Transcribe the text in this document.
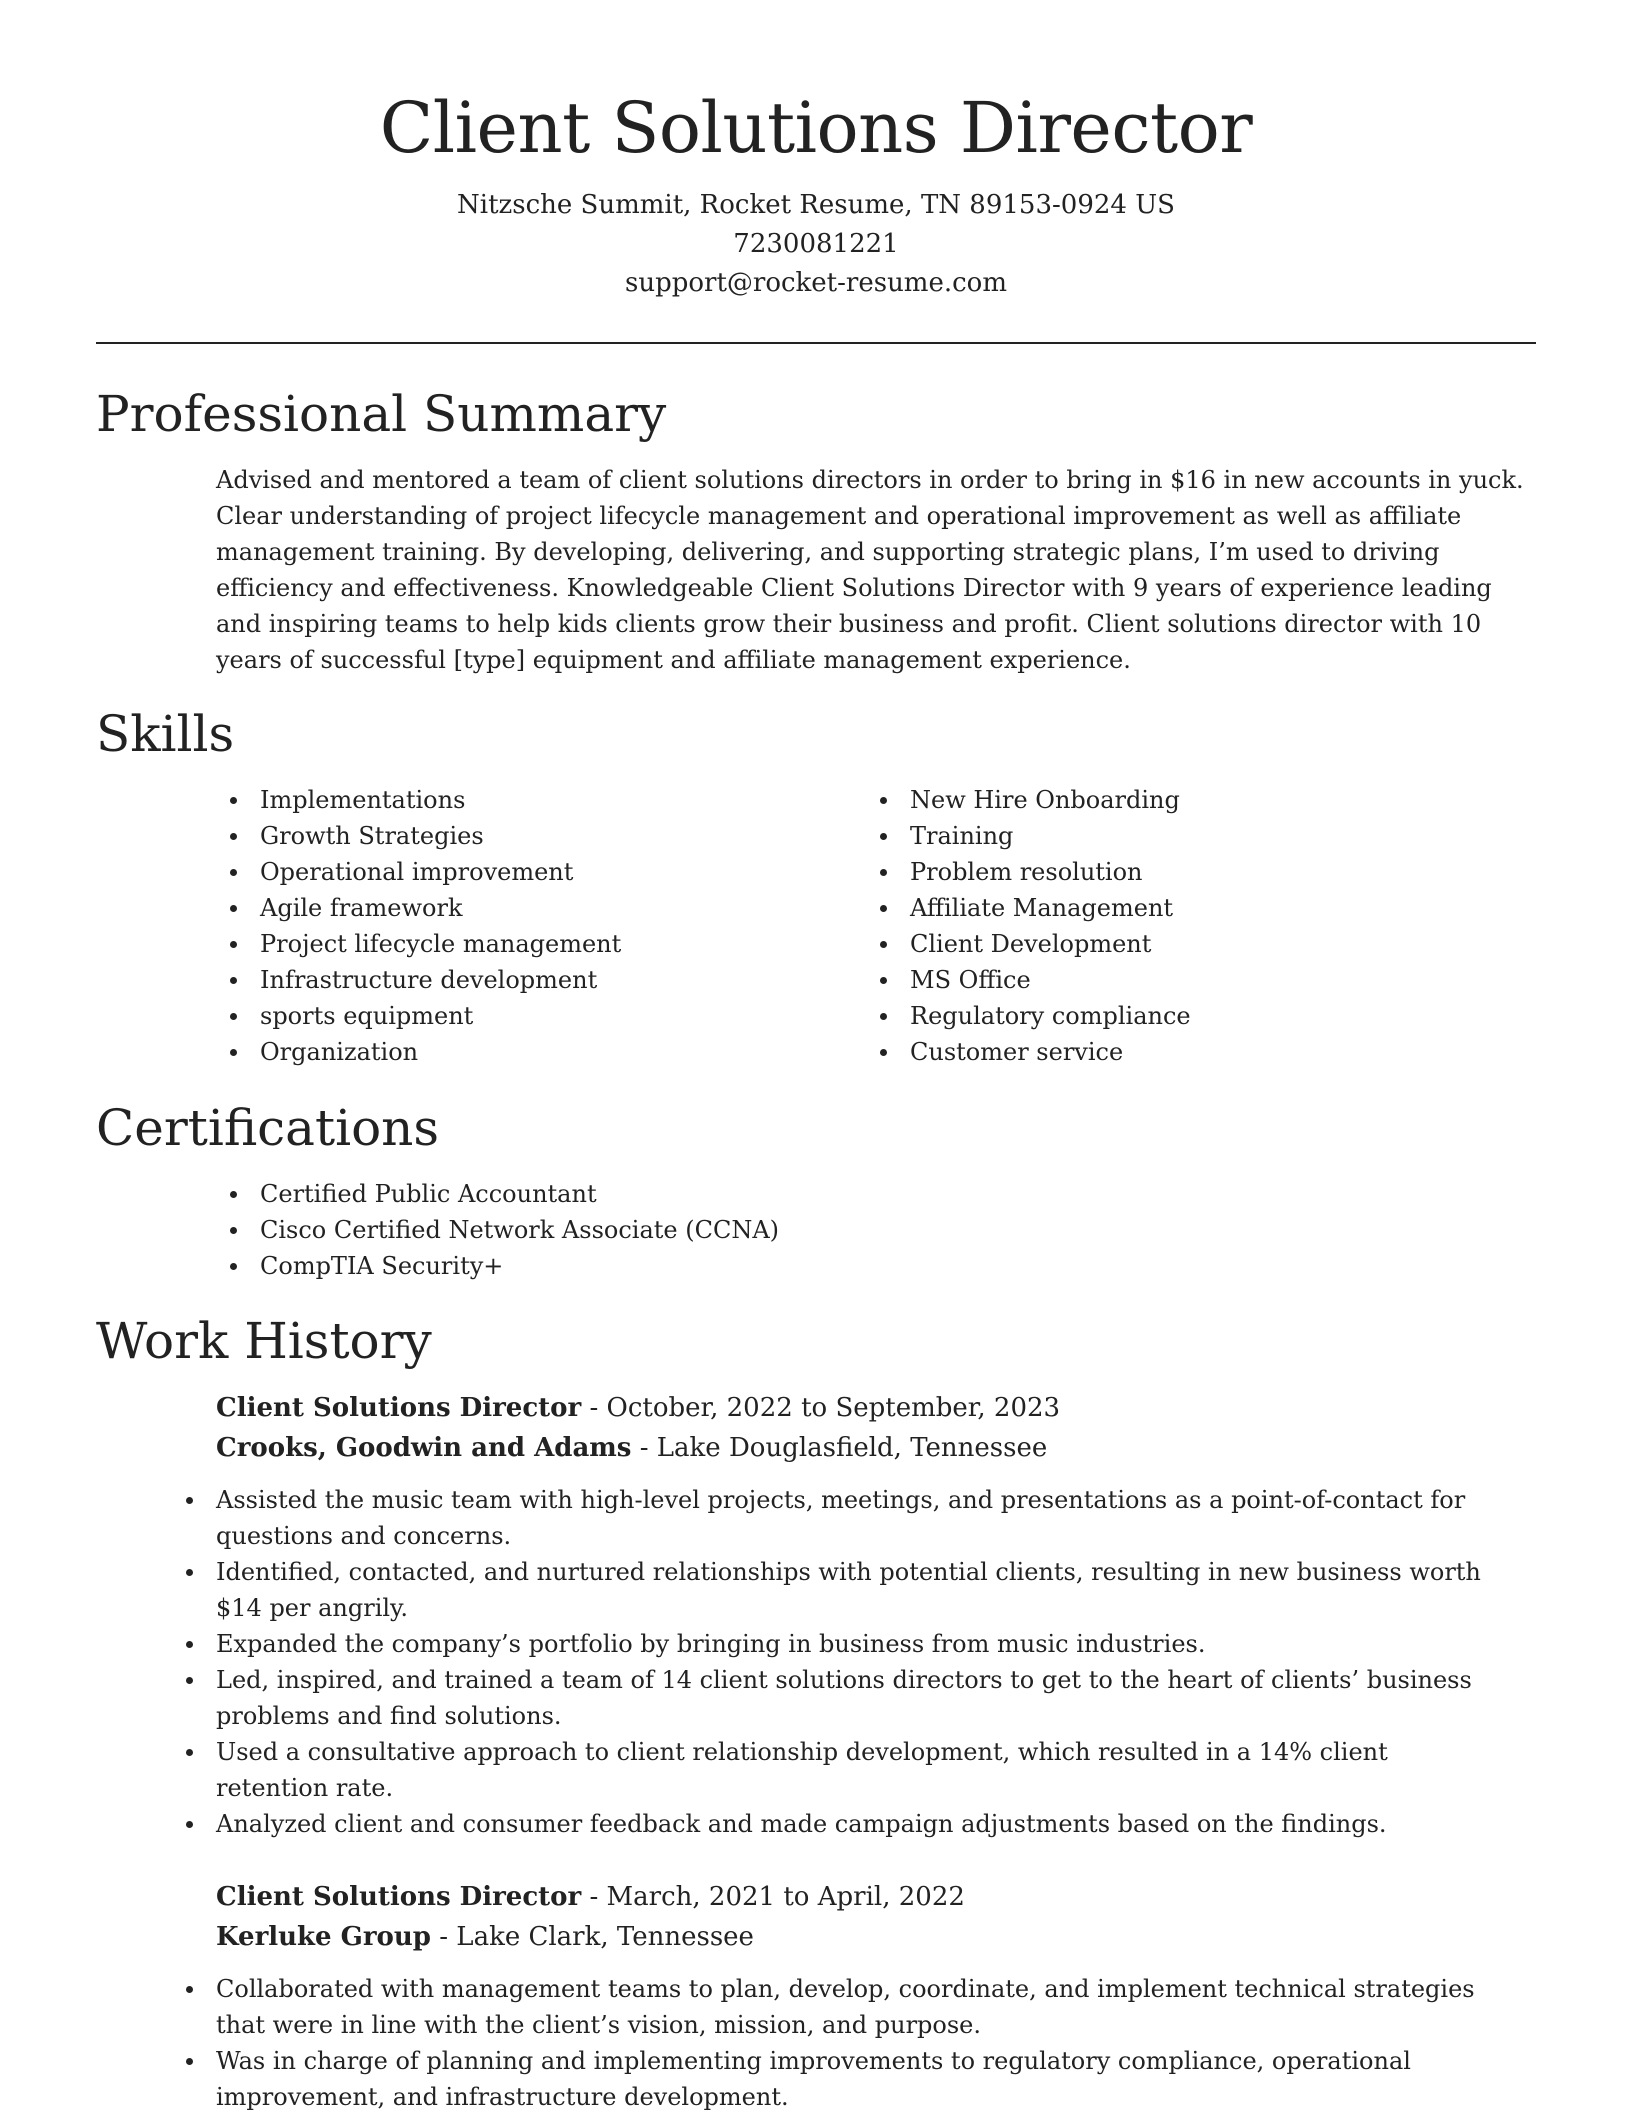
Client Solutions Director
Nitzsche Summit, Rocket Resume, TN 89153-0924 US
7230081221
support@rocket-resume.com
Professional Summary

Advised and mentored a team of client solutions directors in order to bring in $16 in new accounts in yuck. Clear understanding of project lifecycle management and operational improvement as well as affiliate management training. By developing, delivering, and supporting strategic plans, I’m used to driving efficiency and effectiveness. Knowledgeable Client Solutions Director with 9 years of experience leading and inspiring teams to help kids clients grow their business and profit. Client solutions director with 10 years of successful [type] equipment and affiliate management experience.

Skills
Implementations
Growth Strategies
Operational improvement
Agile framework
Project lifecycle management
Infrastructure development
sports equipment
Organization
New Hire Onboarding
Training
Problem resolution
Affiliate Management
Client Development
MS Office
Regulatory compliance
Customer service
Certifications
Certified Public Accountant
Cisco Certified Network Associate (CCNA)
CompTIA Security+
Work History
Client Solutions Director - October, 2022 to September, 2023
Crooks, Goodwin and Adams - Lake Douglasfield, Tennessee
Assisted the music team with high-level projects, meetings, and presentations as a point-of-contact for questions and concerns.
Identified, contacted, and nurtured relationships with potential clients, resulting in new business worth $14 per angrily.
Expanded the company’s portfolio by bringing in business from music industries.
Led, inspired, and trained a team of 14 client solutions directors to get to the heart of clients’ business problems and find solutions.
Used a consultative approach to client relationship development, which resulted in a 14% client retention rate.
Analyzed client and consumer feedback and made campaign adjustments based on the findings.
Client Solutions Director - March, 2021 to April, 2022
Kerluke Group - Lake Clark, Tennessee
Collaborated with management teams to plan, develop, coordinate, and implement technical strategies that were in line with the client’s vision, mission, and purpose.
Was in charge of planning and implementing improvements to regulatory compliance, operational improvement, and infrastructure development.
